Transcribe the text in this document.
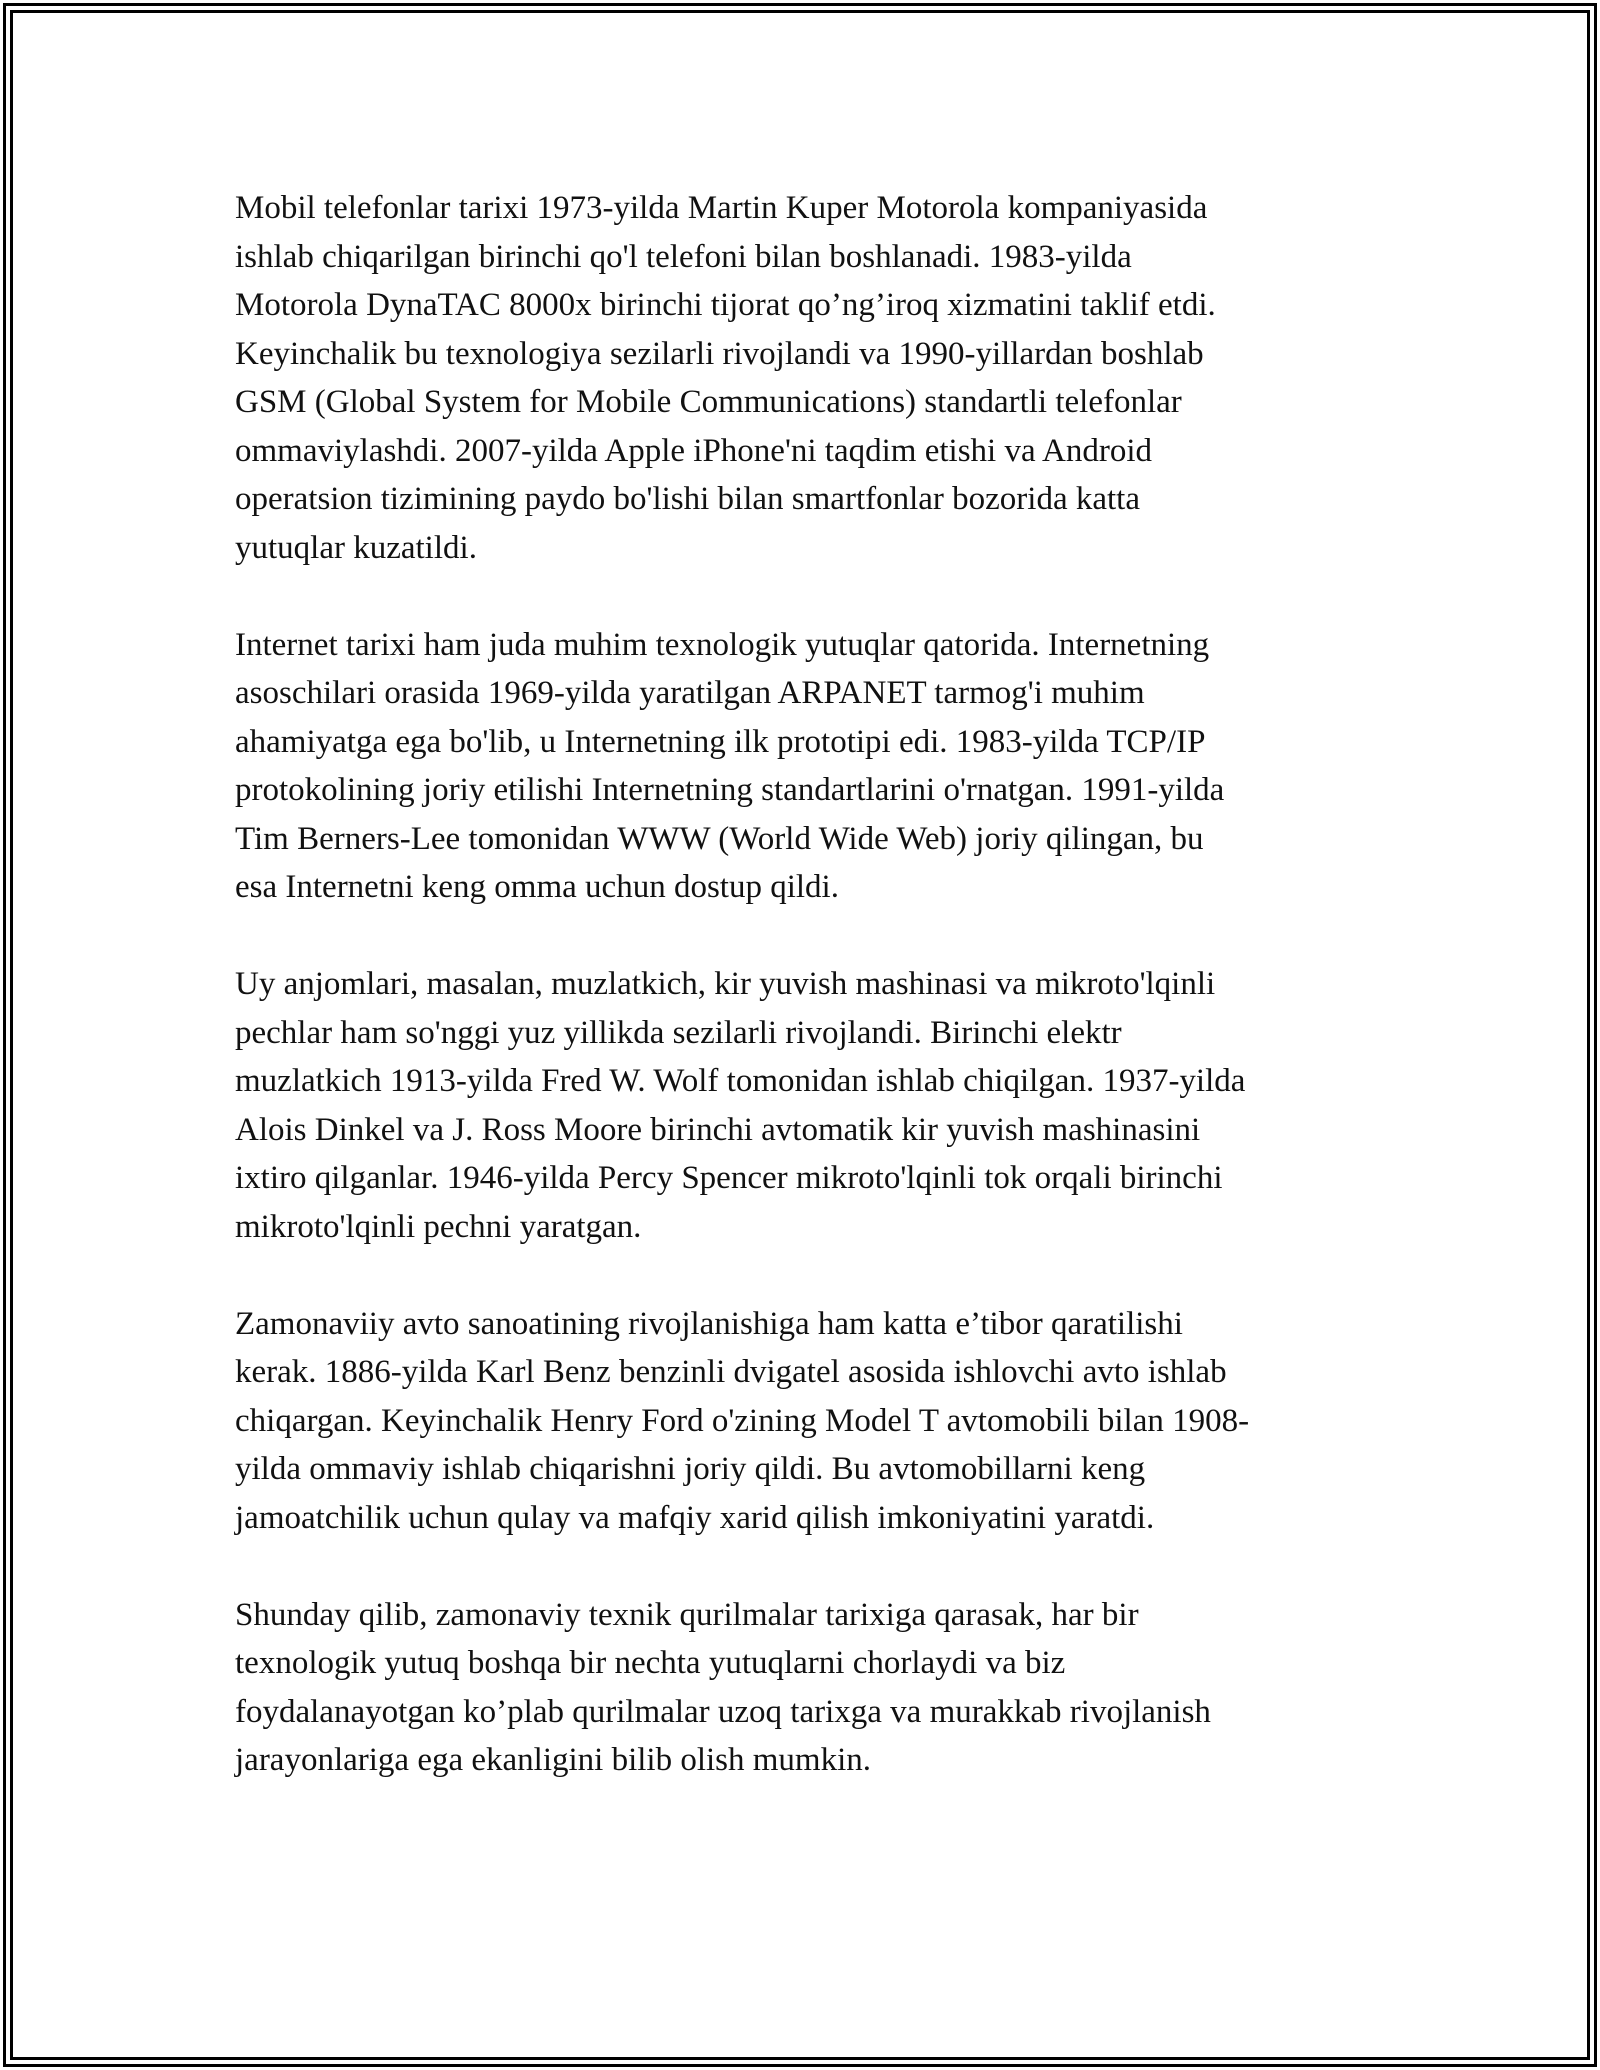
Mobil telefonlar tarixi 1973-yilda Martin Kuper Motorola kompaniyasida
ishlab chiqarilgan birinchi qo'l telefoni bilan boshlanadi. 1983-yilda
Motorola DynaTAC 8000x birinchi tijorat qo’ng’iroq xizmatini taklif etdi.
Keyinchalik bu texnologiya sezilarli rivojlandi va 1990-yillardan boshlab
GSM (Global System for Mobile Communications) standartli telefonlar
ommaviylashdi. 2007-yilda Apple iPhone'ni taqdim etishi va Android
operatsion tizimining paydo bo'lishi bilan smartfonlar bozorida katta
yutuqlar kuzatildi.

Internet tarixi ham juda muhim texnologik yutuqlar qatorida. Internetning
asoschilari orasida 1969-yilda yaratilgan ARPANET tarmog'i muhim
ahamiyatga ega bo'lib, u Internetning ilk prototipi edi. 1983-yilda TCP/IP
protokolining joriy etilishi Internetning standartlarini o'rnatgan. 1991-yilda
Tim Berners-Lee tomonidan WWW (World Wide Web) joriy qilingan, bu
esa Internetni keng omma uchun dostup qildi.

Uy anjomlari, masalan, muzlatkich, kir yuvish mashinasi va mikroto'lqinli
pechlar ham so'nggi yuz yillikda sezilarli rivojlandi. Birinchi elektr
muzlatkich 1913-yilda Fred W. Wolf tomonidan ishlab chiqilgan. 1937-yilda
Alois Dinkel va J. Ross Moore birinchi avtomatik kir yuvish mashinasini
ixtiro qilganlar. 1946-yilda Percy Spencer mikroto'lqinli tok orqali birinchi
mikroto'lqinli pechni yaratgan.

Zamonaviiy avto sanoatining rivojlanishiga ham katta e’tibor qaratilishi
kerak. 1886-yilda Karl Benz benzinli dvigatel asosida ishlovchi avto ishlab
chiqargan. Keyinchalik Henry Ford o'zining Model T avtomobili bilan 1908-
yilda ommaviy ishlab chiqarishni joriy qildi. Bu avtomobillarni keng
jamoatchilik uchun qulay va mafqiy xarid qilish imkoniyatini yaratdi.

Shunday qilib, zamonaviy texnik qurilmalar tarixiga qarasak, har bir
texnologik yutuq boshqa bir nechta yutuqlarni chorlaydi va biz
foydalanayotgan ko’plab qurilmalar uzoq tarixga va murakkab rivojlanish
jarayonlariga ega ekanligini bilib olish mumkin.
